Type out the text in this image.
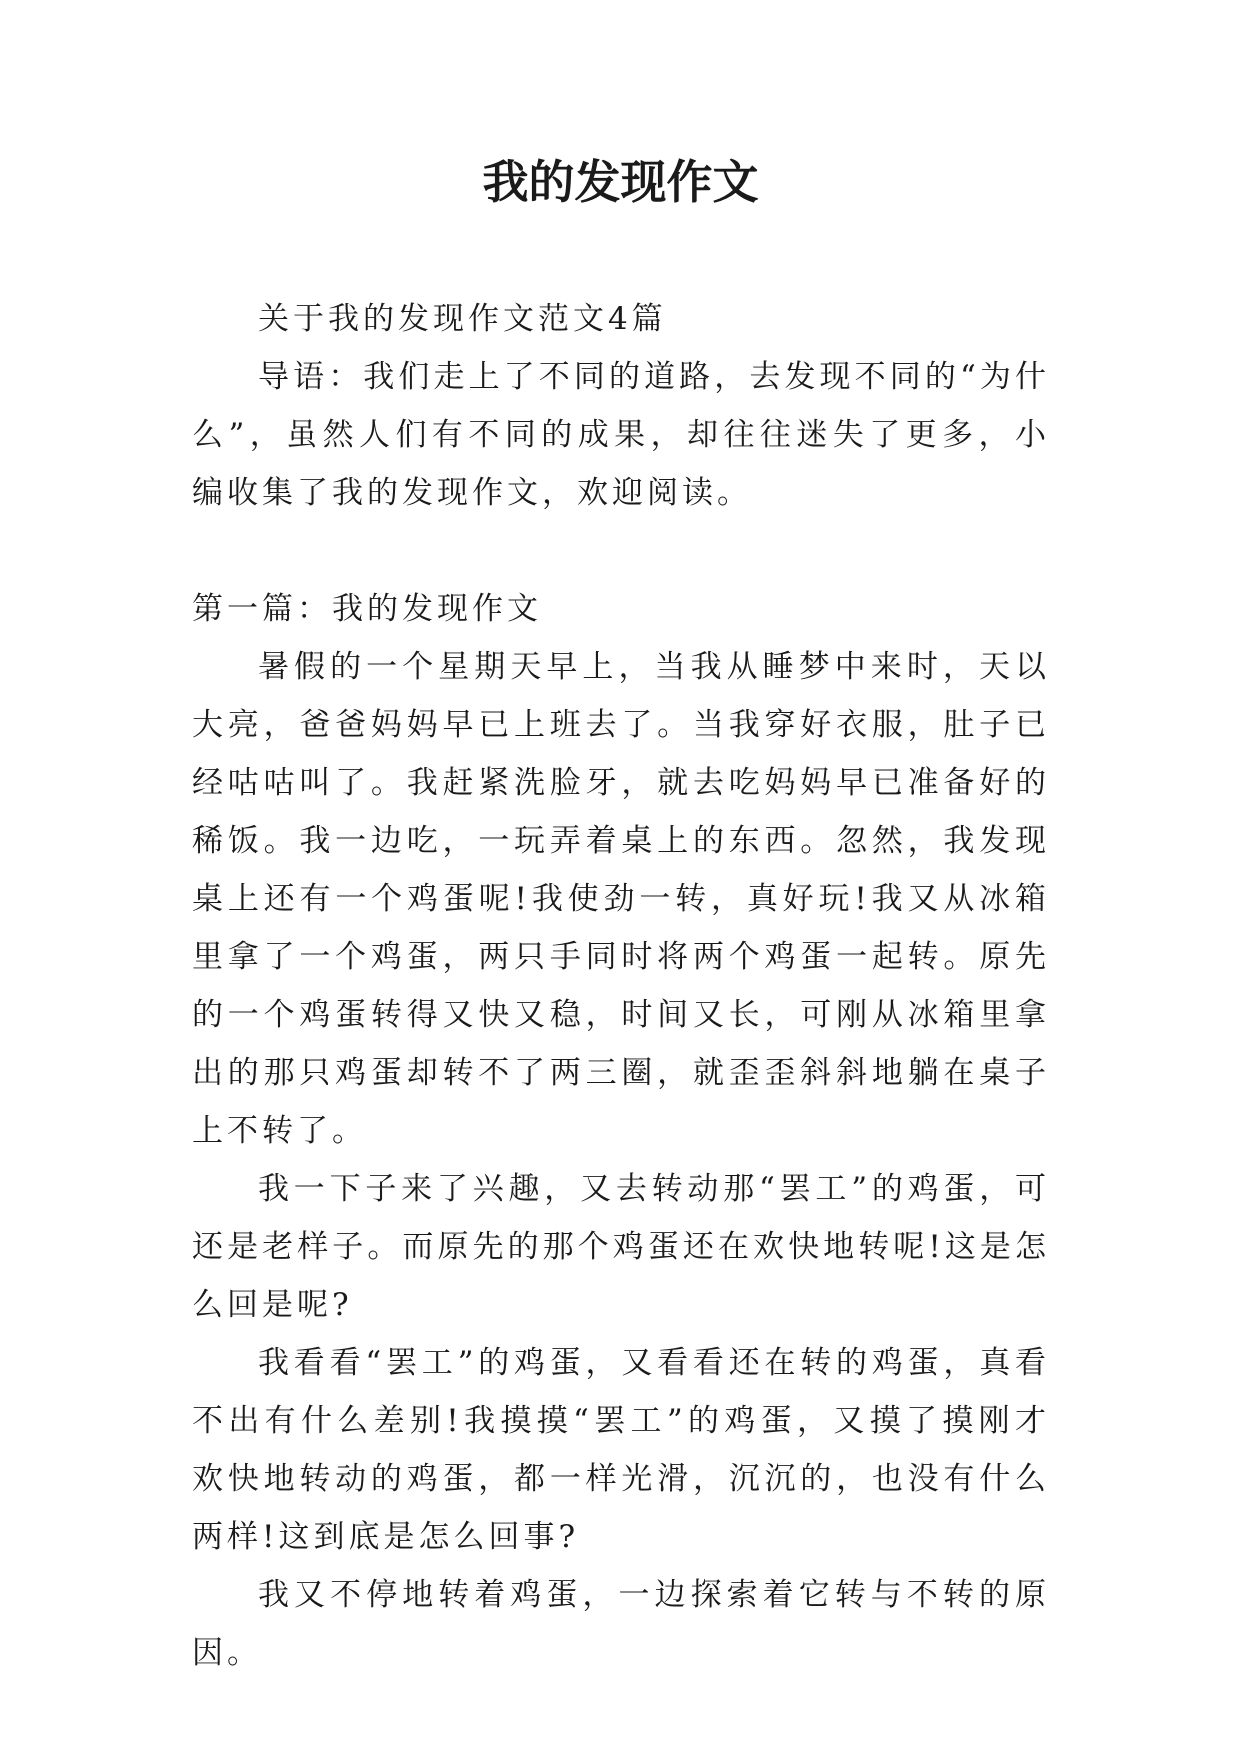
我的发现作文

关于我的发现作文范文4篇

导语：我们走上了不同的道路，去发现不同的“为什么”，虽然人们有不同的成果，却往往迷失了更多，小编收集了我的发现作文，欢迎阅读。

第一篇：我的发现作文

暑假的一个星期天早上，当我从睡梦中来时，天以大亮，爸爸妈妈早已上班去了。当我穿好衣服，肚子已经咕咕叫了。我赶紧洗脸牙，就去吃妈妈早已准备好的稀饭。我一边吃，一玩弄着桌上的东西。忽然，我发现桌上还有一个鸡蛋呢!我使劲一转，真好玩!我又从冰箱里拿了一个鸡蛋，两只手同时将两个鸡蛋一起转。原先的一个鸡蛋转得又快又稳，时间又长，可刚从冰箱里拿出的那只鸡蛋却转不了两三圈，就歪歪斜斜地躺在桌子上不转了。

我一下子来了兴趣，又去转动那“罢工”的鸡蛋，可还是老样子。而原先的那个鸡蛋还在欢快地转呢!这是怎么回是呢?

我看看“罢工”的鸡蛋，又看看还在转的鸡蛋，真看不出有什么差别!我摸摸“罢工”的鸡蛋，又摸了摸刚才欢快地转动的鸡蛋，都一样光滑，沉沉的，也没有什么两样!这到底是怎么回事?

我又不停地转着鸡蛋，一边探索着它转与不转的原因。
